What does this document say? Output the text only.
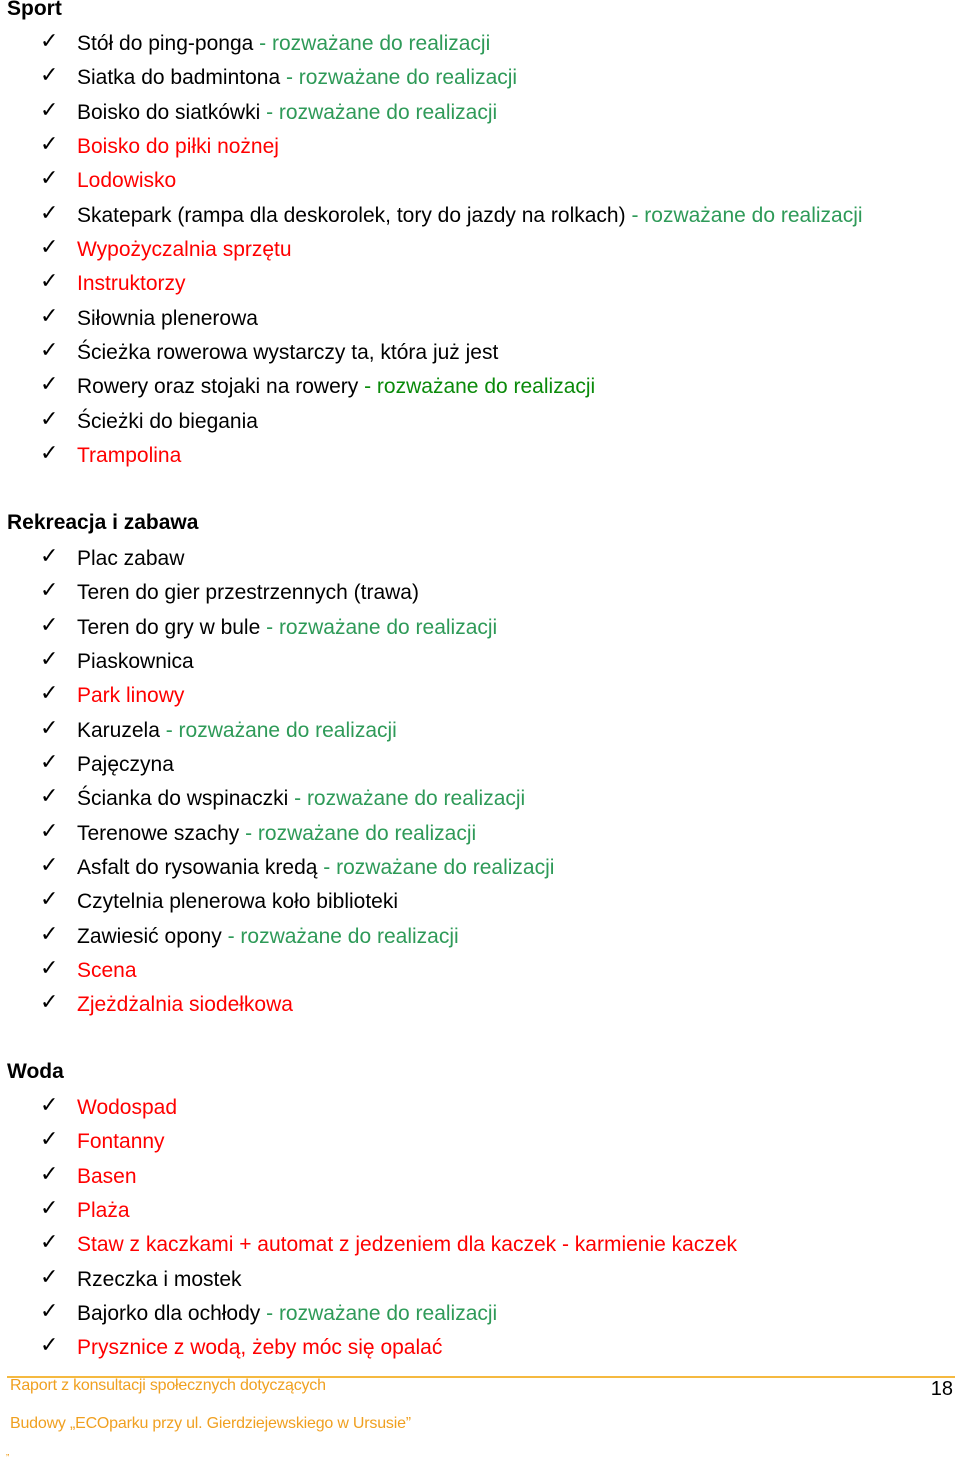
Sport
✓ Stół do ping-ponga - rozważane do realizacji
✓ Siatka do badmintona - rozważane do realizacji
✓ Boisko do siatkówki - rozważane do realizacji
✓ Boisko do piłki nożnej
✓ Lodowisko
✓ Skatepark (rampa dla deskorolek, tory do jazdy na rolkach) - rozważane do realizacji
✓ Wypożyczalnia sprzętu
✓ Instruktorzy
✓ Siłownia plenerowa
✓ Ścieżka rowerowa wystarczy ta, która już jest
✓ Rowery oraz stojaki na rowery - rozważane do realizacji
✓ Ścieżki do biegania
✓ Trampolina
Rekreacja i zabawa
✓ Plac zabaw
✓ Teren do gier przestrzennych (trawa)
✓ Teren do gry w bule - rozważane do realizacji
✓ Piaskownica
✓ Park linowy
✓ Karuzela - rozważane do realizacji
✓ Pajęczyna
✓ Ścianka do wspinaczki - rozważane do realizacji
✓ Terenowe szachy - rozważane do realizacji
✓ Asfalt do rysowania kredą - rozważane do realizacji
✓ Czytelnia plenerowa koło biblioteki
✓ Zawiesić opony - rozważane do realizacji
✓ Scena
✓ Zjeżdżalnia siodełkowa
Woda
✓ Wodospad
✓ Fontanny
✓ Basen
✓ Plaża
✓ Staw z kaczkami + automat z jedzeniem dla kaczek - karmienie kaczek
✓ Rzeczka i mostek
✓ Bajorko dla ochłody - rozważane do realizacji
✓ Prysznice z wodą, żeby móc się opalać
Raport z konsultacji społecznych dotyczących	18
Budowy „ECOparku przy ul. Gierdziejewskiego w Ursusie”
„
